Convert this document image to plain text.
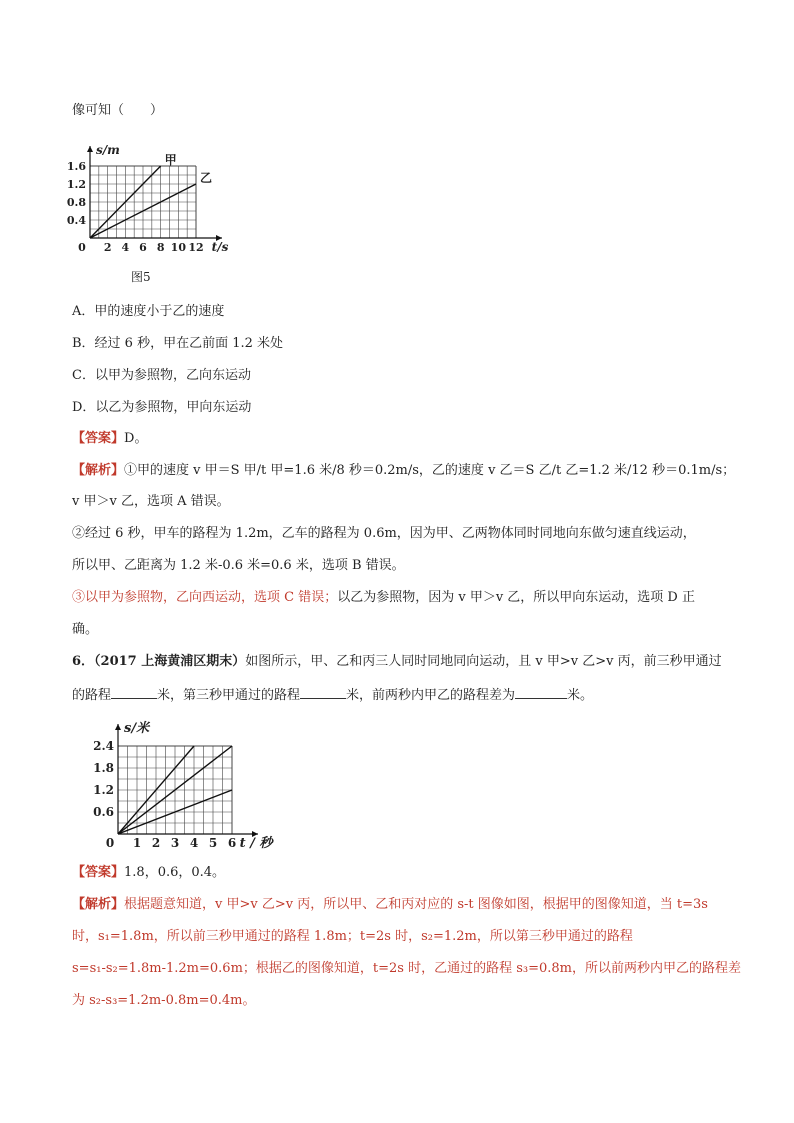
像可知（　　）
0 2 4 6 8 10 12
0.4
0.8
1.2
1.6
t/s
s/m
甲
乙
图5
A．甲的速度小于乙的速度
B．经过 6 秒，甲在乙前面 1.2 米处
C．以甲为参照物，乙向东运动
D．以乙为参照物，甲向东运动
【答案】D。
【解析】①甲的速度 v 甲＝S 甲/t 甲=1.6 米/8 秒＝0.2m/s，乙的速度 v 乙＝S 乙/t 乙=1.2 米/12 秒＝0.1m/s；
v 甲＞v 乙，选项 A 错误。
②经过 6 秒，甲车的路程为 1.2m，乙车的路程为 0.6m，因为甲、乙两物体同时同地向东做匀速直线运动，
所以甲、乙距离为 1.2 米-0.6 米=0.6 米，选项 B 错误。
③以甲为参照物，乙向西运动，选项 C 错误；以乙为参照物，因为 v 甲＞v 乙，所以甲向东运动，选项 D 正
确。
6．（2017 上海黄浦区期末）如图所示，甲、乙和丙三人同时同地同向运动，且 v 甲>v 乙>v 丙，前三秒甲通过
的路程	米，第三秒甲通过的路程	米，前两秒内甲乙的路程差为	米。
0 1 2 3 4 5 6
0.6
1.2
1.8
2.4
t / 秒
s/米
【答案】1.8，0.6，0.4。
【解析】根据题意知道，v 甲>v 乙>v 丙，所以甲、乙和丙对应的 s-t 图像如图，根据甲的图像知道，当 t=3s
时，s₁=1.8m，所以前三秒甲通过的路程 1.8m；t=2s 时，s₂=1.2m，所以第三秒甲通过的路程
s=s₁-s₂=1.8m-1.2m=0.6m；根据乙的图像知道，t=2s 时，乙通过的路程 s₃=0.8m，所以前两秒内甲乙的路程差
为 s₂-s₃=1.2m-0.8m=0.4m。
